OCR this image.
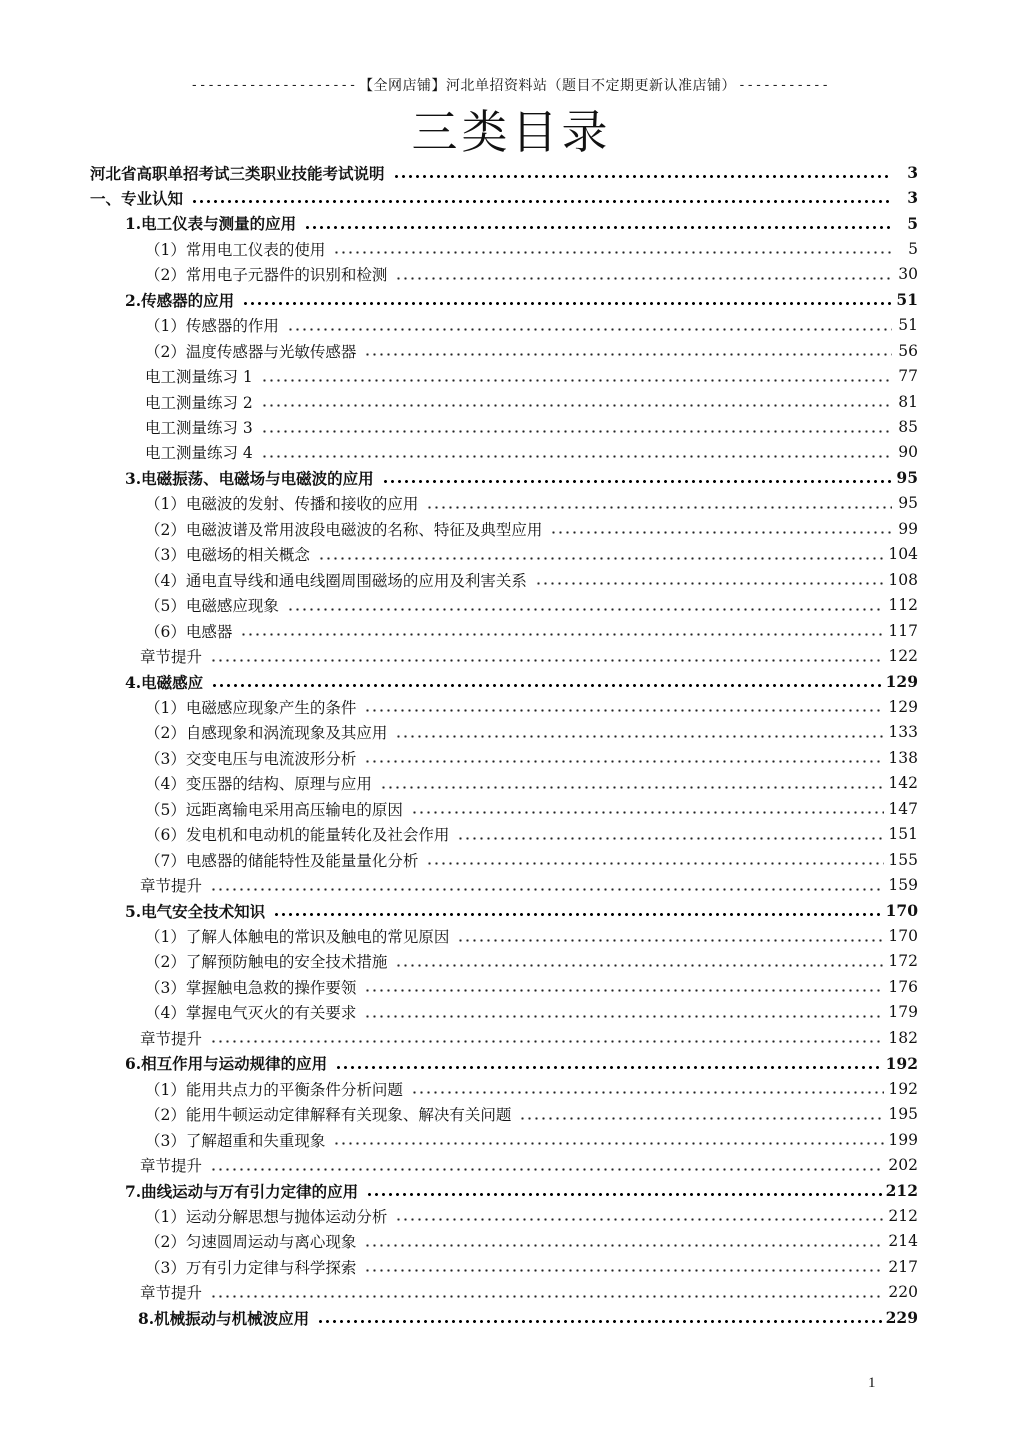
-------------------- 【全网店铺】河北单招资料站（题目不定期更新认准店铺） -----------
三类目录
河北省高职单招考试三类职业技能考试说明	3
一、专业认知	3
1.电工仪表与测量的应用	5
（1）常用电工仪表的使用	5
（2）常用电子元器件的识别和检测	30
2.传感器的应用	51
（1）传感器的作用	51
（2）温度传感器与光敏传感器	56
电工测量练习 1	77
电工测量练习 2	81
电工测量练习 3	85
电工测量练习 4	90
3.电磁振荡、电磁场与电磁波的应用	95
（1）电磁波的发射、传播和接收的应用	95
（2）电磁波谱及常用波段电磁波的名称、特征及典型应用	99
（3）电磁场的相关概念	104
（4）通电直导线和通电线圈周围磁场的应用及利害关系	108
（5）电磁感应现象	112
（6）电感器	117
章节提升	122
4.电磁感应	129
（1）电磁感应现象产生的条件	129
（2）自感现象和涡流现象及其应用	133
（3）交变电压与电流波形分析	138
（4）变压器的结构、原理与应用	142
（5）远距离输电采用高压输电的原因	147
（6）发电机和电动机的能量转化及社会作用	151
（7）电感器的储能特性及能量量化分析	155
章节提升	159
5.电气安全技术知识	170
（1）了解人体触电的常识及触电的常见原因	170
（2）了解预防触电的安全技术措施	172
（3）掌握触电急救的操作要领	176
（4）掌握电气灭火的有关要求	179
章节提升	182
6.相互作用与运动规律的应用	192
（1）能用共点力的平衡条件分析问题	192
（2）能用牛顿运动定律解释有关现象、解决有关问题	195
（3）了解超重和失重现象	199
章节提升	202
7.曲线运动与万有引力定律的应用	212
（1）运动分解思想与抛体运动分析	212
（2）匀速圆周运动与离心现象	214
（3）万有引力定律与科学探索	217
章节提升	220
8.机械振动与机械波应用	229
1
